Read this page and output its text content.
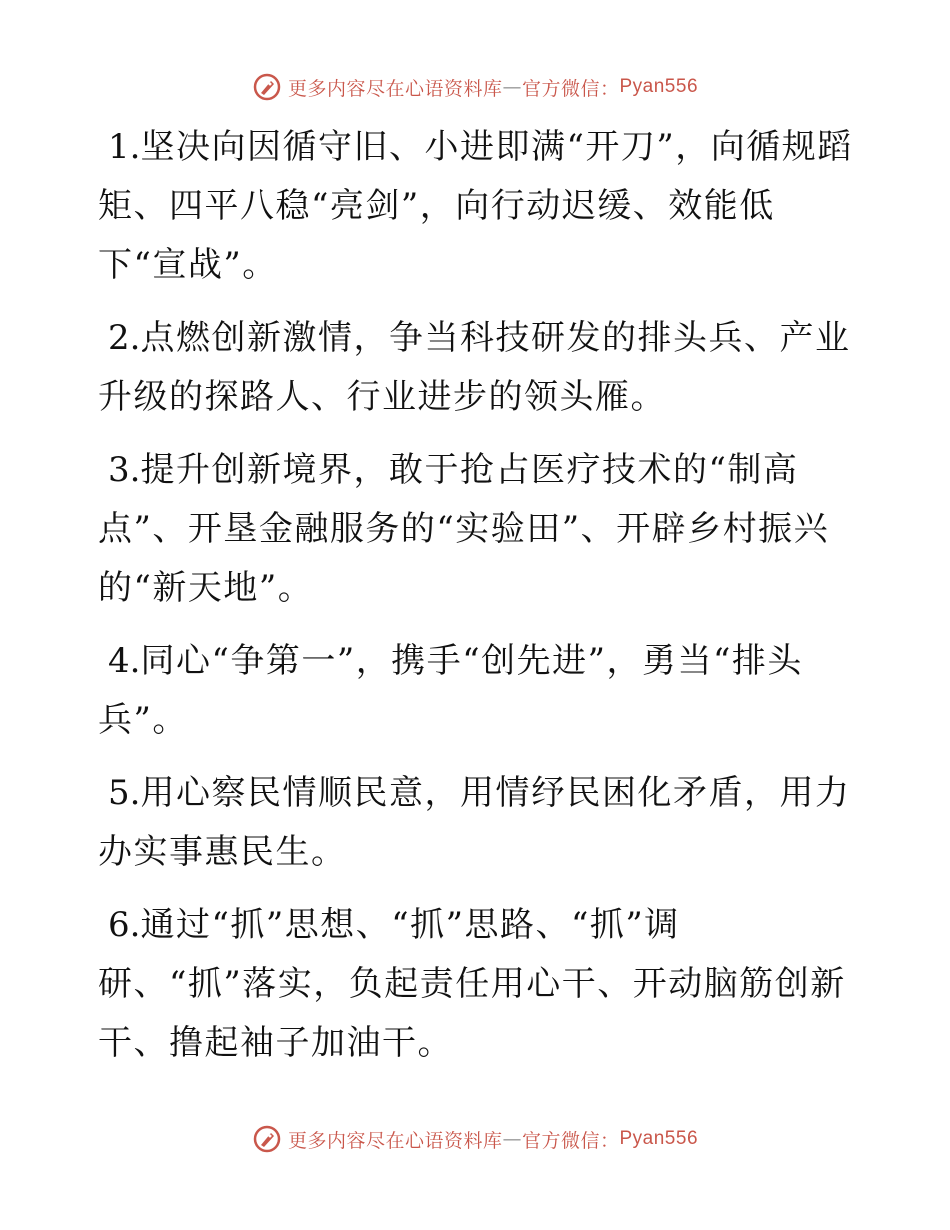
更多内容尽在心语资料库 — 官方微信： Pyan556

1.坚决向因循守旧、小进即满“开刀”，向循规蹈矩、四平八稳“亮剑”，向行动迟缓、效能低下“宣战”。

2.点燃创新激情，争当科技研发的排头兵、产业升级的探路人、行业进步的领头雁。

3.提升创新境界，敢于抢占医疗技术的“制高点”、开垦金融服务的“实验田”、开辟乡村振兴的“新天地”。

4.同心“争第一”，携手“创先进”，勇当“排头兵”。

5.用心察民情顺民意，用情纾民困化矛盾，用力办实事惠民生。

6.通过“抓”思想、“抓”思路、“抓”调研、“抓”落实，负起责任用心干、开动脑筋创新干、撸起袖子加油干。

更多内容尽在心语资料库 — 官方微信： Pyan556
